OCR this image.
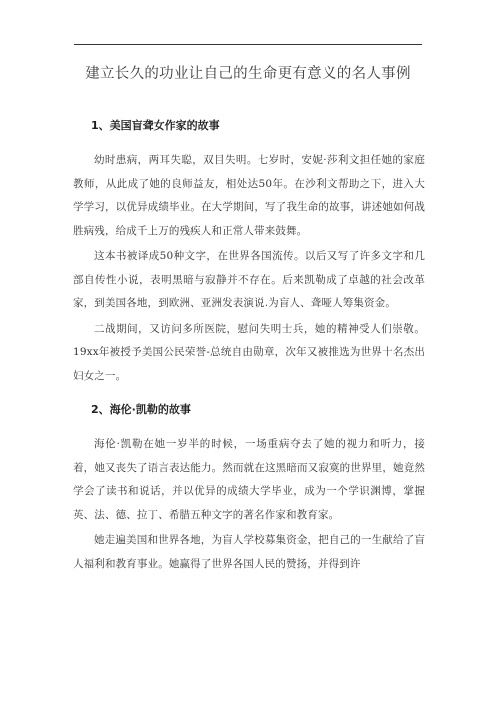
建立长久的功业让自己的生命更有意义的名人事例
1、美国盲聋女作家的故事

幼时患病，两耳失聪，双目失明。七岁时，安妮·莎利文担任她的家庭教师，从此成了她的良师益友，相处达50年。在沙利文帮助之下，进入大学学习，以优异成绩毕业。在大学期间，写了我生命的故事，讲述她如何战胜病残，给成千上万的残疾人和正常人带来鼓舞。

这本书被译成50种文字，在世界各国流传。以后又写了许多文字和几部自传性小说，表明黑暗与寂静并不存在。后来凯勒成了卓越的社会改革家，到美国各地，到欧洲、亚洲发表演说.为盲人、聋哑人筹集资金。

二战期间，又访问多所医院，慰问失明士兵，她的精神受人们崇敬。19xx年被授予美国公民荣誉-总统自由勋章，次年又被推选为世界十名杰出妇女之一。

2、海伦·凯勒的故事

海伦·凯勒在她一岁半的时候，一场重病夺去了她的视力和听力，接着，她又丧失了语言表达能力。然而就在这黑暗而又寂寞的世界里，她竟然学会了读书和说话，并以优异的成绩大学毕业，成为一个学识渊博，掌握英、法、德、拉丁、希腊五种文字的著名作家和教育家。

她走遍美国和世界各地，为盲人学校募集资金，把自己的一生献给了盲人福利和教育事业。她赢得了世界各国人民的赞扬，并得到许
